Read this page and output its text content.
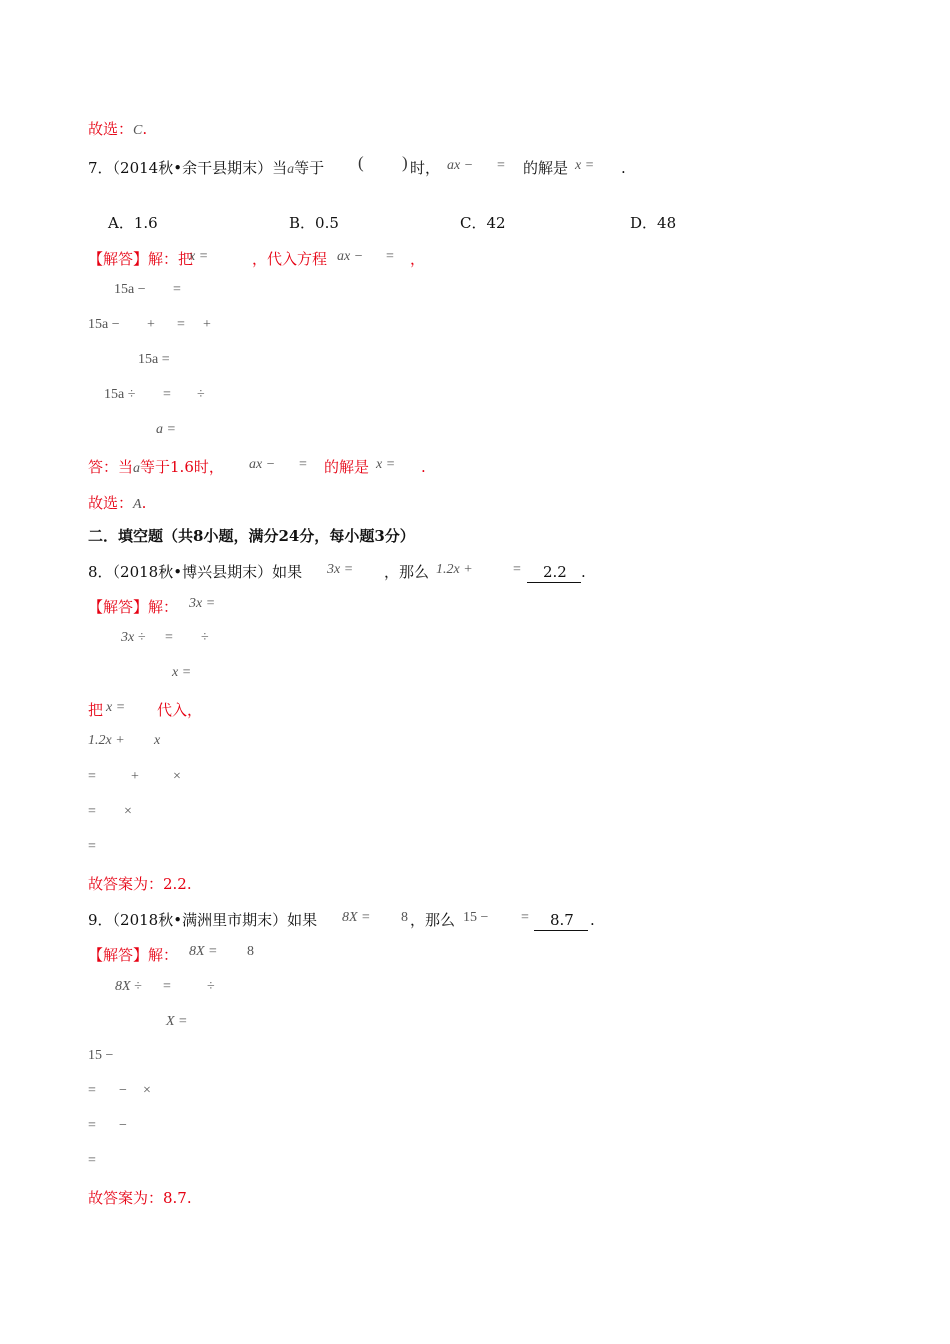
故选：C.
7．（2014秋•余干县期末）当a等于 ( ) 时， ax − = 的解是 x = .
A．1.6	B．0.5	C．42	D．48
【解答】解：把
x =	，代入方程 ax − = ，
15a − =
15a − + = +
15a =
15a ÷ = ÷
a =
答：当a等于1.6时， ax − = 的解是 x = .
故选：A.
二．填空题（共8小题，满分24分，每小题3分）
8．（2018秋•博兴县期末）如果 3x = ，那么 1.2x +	=	2.2 .
【解答】解： 3x =
3x ÷ = ÷
x =
把 x = 代入，
1.2x + x
=	+ ×
= ×
=
故答案为：2.2.
9．（2018秋•满洲里市期末）如果 8X = 8 ，那么 15 − =	8.7	.
【解答】解： 8X = 8
8X ÷ =	÷
X =
15 −
= − ×
= −
=
故答案为：8.7.
